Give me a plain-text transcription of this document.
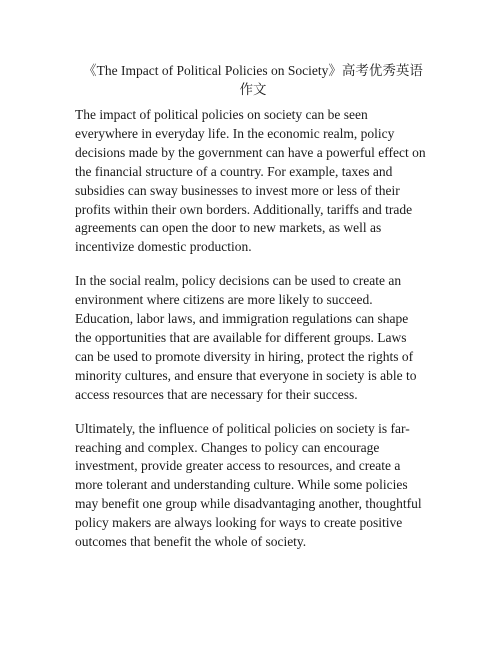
《The Impact of Political Policies on Society》高考优秀英语作文

The impact of political policies on society can be seen everywhere in everyday life. In the economic realm, policy decisions made by the government can have a powerful effect on the financial structure of a country. For example, taxes and subsidies can sway businesses to invest more or less of their profits within their own borders. Additionally, tariffs and trade agreements can open the door to new markets, as well as incentivize domestic production.

In the social realm, policy decisions can be used to create an environment where citizens are more likely to succeed. Education, labor laws, and immigration regulations can shape the opportunities that are available for different groups. Laws can be used to promote diversity in hiring, protect the rights of minority cultures, and ensure that everyone in society is able to access resources that are necessary for their success.

Ultimately, the influence of political policies on society is far-reaching and complex. Changes to policy can encourage investment, provide greater access to resources, and create a more tolerant and understanding culture. While some policies may benefit one group while disadvantaging another, thoughtful policy makers are always looking for ways to create positive outcomes that benefit the whole of society.
